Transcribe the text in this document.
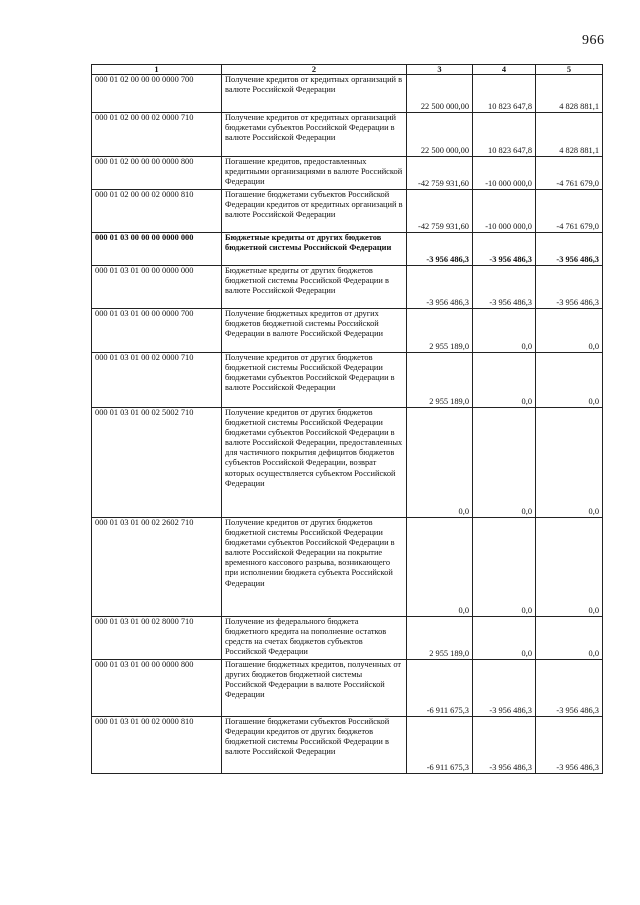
966
1	2	3	4	5
000 01 02 00 00 00 0000 700	Получение кредитов от кредитных организаций в валюте Российской Федерации	22 500 000,00	10 823 647,8	4 828 881,1
000 01 02 00 00 02 0000 710	Получение кредитов от кредитных организаций бюджетами субъектов Российской Федерации в валюте Российской Федерации	22 500 000,00	10 823 647,8	4 828 881,1
000 01 02 00 00 00 0000 800	Погашение кредитов, предоставленных кредитными организациями в валюте Российской Федерации	-42 759 931,60	-10 000 000,0	-4 761 679,0
000 01 02 00 00 02 0000 810	Погашение бюджетами субъектов Российской Федерации кредитов от кредитных организаций в валюте Российской Федерации	-42 759 931,60	-10 000 000,0	-4 761 679,0
000 01 03 00 00 00 0000 000	Бюджетные кредиты от других бюджетов бюджетной системы Российской Федерации	-3 956 486,3	-3 956 486,3	-3 956 486,3
000 01 03 01 00 00 0000 000	Бюджетные кредиты от других бюджетов бюджетной системы Российской Федерации в валюте Российской Федерации	-3 956 486,3	-3 956 486,3	-3 956 486,3
000 01 03 01 00 00 0000 700	Получение бюджетных кредитов от других бюджетов бюджетной системы Российской Федерации в валюте Российской Федерации	2 955 189,0	0,0	0,0
000 01 03 01 00 02 0000 710	Получение кредитов от других бюджетов бюджетной системы Российской Федерации бюджетами субъектов Российской Федерации в валюте Российской Федерации	2 955 189,0	0,0	0,0
000 01 03 01 00 02 5002 710	Получение кредитов от других бюджетов бюджетной системы Российской Федерации бюджетами субъектов Российской Федерации в валюте Российской Федерации, предоставленных для частичного покрытия дефицитов бюджетов субъектов Российской Федерации, возврат которых осуществляется субъектом Российской Федерации	0,0	0,0	0,0
000 01 03 01 00 02 2602 710	Получение кредитов от других бюджетов бюджетной системы Российской Федерации бюджетами субъектов Российской Федерации в валюте Российской Федерации на покрытие временного кассового разрыва, возникающего при исполнении бюджета субъекта Российской Федерации	0,0	0,0	0,0
000 01 03 01 00 02 8000 710	Получение из федерального бюджета бюджетного кредита на пополнение остатков средств на счетах бюджетов субъектов Российской Федерации	2 955 189,0	0,0	0,0
000 01 03 01 00 00 0000 800	Погашение бюджетных кредитов, полученных от других бюджетов бюджетной системы Российской Федерации в валюте Российской Федерации	-6 911 675,3	-3 956 486,3	-3 956 486,3
000 01 03 01 00 02 0000 810	Погашение бюджетами субъектов Российской Федерации кредитов от других бюджетов бюджетной системы Российской Федерации в валюте Российской Федерации	-6 911 675,3	-3 956 486,3	-3 956 486,3
